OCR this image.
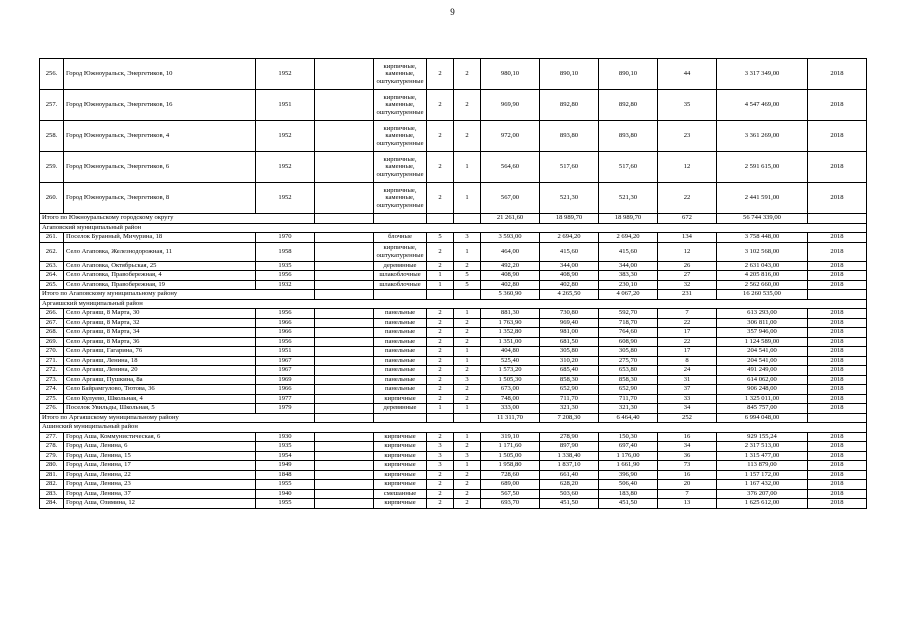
9
256.	Город Южноуральск, Энергетиков, 10	1952		кирпичные, каменные, оштукатуренные	2	2	980,10	890,10	890,10	44	3 317 349,00	2018
257.	Город Южноуральск, Энергетиков, 16	1951		кирпичные, каменные, оштукатуренные	2	2	969,90	892,80	892,80	35	4 547 469,00	2018
258.	Город Южноуральск, Энергетиков, 4	1952		кирпичные, каменные, оштукатуренные	2	2	972,00	893,80	893,80	23	3 361 269,00	2018
259.	Город Южноуральск, Энергетиков, 6	1952		кирпичные, каменные, оштукатуренные	2	1	564,60	517,60	517,60	12	2 591 615,00	2018
260.	Город Южноуральск, Энергетиков, 8	1952		кирпичные, каменные, оштукатуренные	2	1	567,00	521,30	521,30	22	2 441 591,00	2018
Итого по Южноуральскому городскому округу							21 261,60	18 989,70	18 989,70	672	56 744 339,00	
Агаповский муниципальный район												
261.	Поселок Буранный, Мичурина, 18	1970		блочные	5	3	3 593,00	2 694,20	2 694,20	134	3 758 448,00	2018
262.	Село Агаповка, Железнодорожная, 11	1958		кирпичные, оштукатуренные	2	1	464,00	415,60	415,60	12	3 102 568,00	2018
263.	Село Агаповка, Октябрьская, 25	1935		деревянные	2	2	492,20	344,00	344,00	26	2 631 043,00	2018
264.	Село Агаповка, Правобережная, 4	1956		шлакоблочные	1	5	408,90	408,90	383,30	27	4 205 816,00	2018
265.	Село Агаповка, Правобережная, 19	1932		шлакоблочные	1	5	402,80	402,80	230,10	32	2 562 660,00	2018
Итого по Агаповскому муниципальному району							5 360,90	4 265,50	4 067,20	231	16 260 535,00	
Аргаяшский муниципальный район												
266.	Село Аргаяш, 8 Марта, 30	1956		панельные	2	1	881,30	730,80	592,70	7	613 293,00	2018
267.	Село Аргаяш, 8 Марта, 32	1966		панельные	2	2	1 763,90	969,40	718,70	22	306 811,00	2018
268.	Село Аргаяш, 8 Марта, 34	1966		панельные	2	2	1 352,80	981,00	764,60	17	357 946,00	2018
269.	Село Аргаяш, 8 Марта, 36	1956		панельные	2	2	1 351,00	681,50	608,90	22	1 124 589,00	2018
270.	Село Аргаяш, Гагарина, 76	1951		панельные	2	1	404,80	305,80	305,80	17	204 541,00	2018
271.	Село Аргаяш, Ленина, 18	1967		панельные	2	1	525,40	310,20	275,70	8	204 541,00	2018
272.	Село Аргаяш, Ленина, 20	1967		панельные	2	2	1 573,20	685,40	653,80	24	491 249,00	2018
273.	Село Аргаяш, Пушкина, 8а	1969		панельные	2	3	1 505,30	858,30	858,30	31	614 062,00	2018
274.	Село Байрамгулово, Тютова, 36	1966		панельные	2	2	673,00	652,90	652,90	37	906 248,00	2018
275.	Село Кулуево, Школьная, 4	1977		кирпичные	2	2	748,00	711,70	711,70	33	1 325 011,00	2018
276.	Поселок Увильды, Школьная, 5	1979		деревянные	1	1	333,00	321,30	321,30	34	845 757,00	2018
Итого по Аргаяшскому муниципальному району							11 311,70	7 208,30	6 464,40	252	6 994 048,00	
Ашинский муниципальный район												
277.	Город Аша, Коммунистическая, 6	1930		кирпичные	2	1	319,10	278,90	150,30	16	929 155,24	2018
278.	Город Аша, Ленина, 6	1935		кирпичные	3	2	1 171,60	897,90	697,40	34	2 317 513,00	2018
279.	Город Аша, Ленина, 15	1954		кирпичные	3	3	1 505,00	1 338,40	1 176,00	36	1 315 477,00	2018
280.	Город Аша, Ленина, 17	1949		кирпичные	3	1	1 958,80	1 837,10	1 661,90	73	113 879,00	2018
281.	Город Аша, Ленина, 22	1848		кирпичные	2	2	728,60	661,40	396,90	16	1 157 172,00	2018
282.	Город Аша, Ленина, 23	1955		кирпичные	2	2	689,00	628,20	506,40	20	1 167 432,00	2018
283.	Город Аша, Ленина, 37	1940		смешанные	2	2	567,50	503,60	183,80	7	376 207,00	2018
284.	Город Аша, Озимина, 12	1955		кирпичные	2	2	693,70	451,50	451,50	13	1 625 612,00	2018
